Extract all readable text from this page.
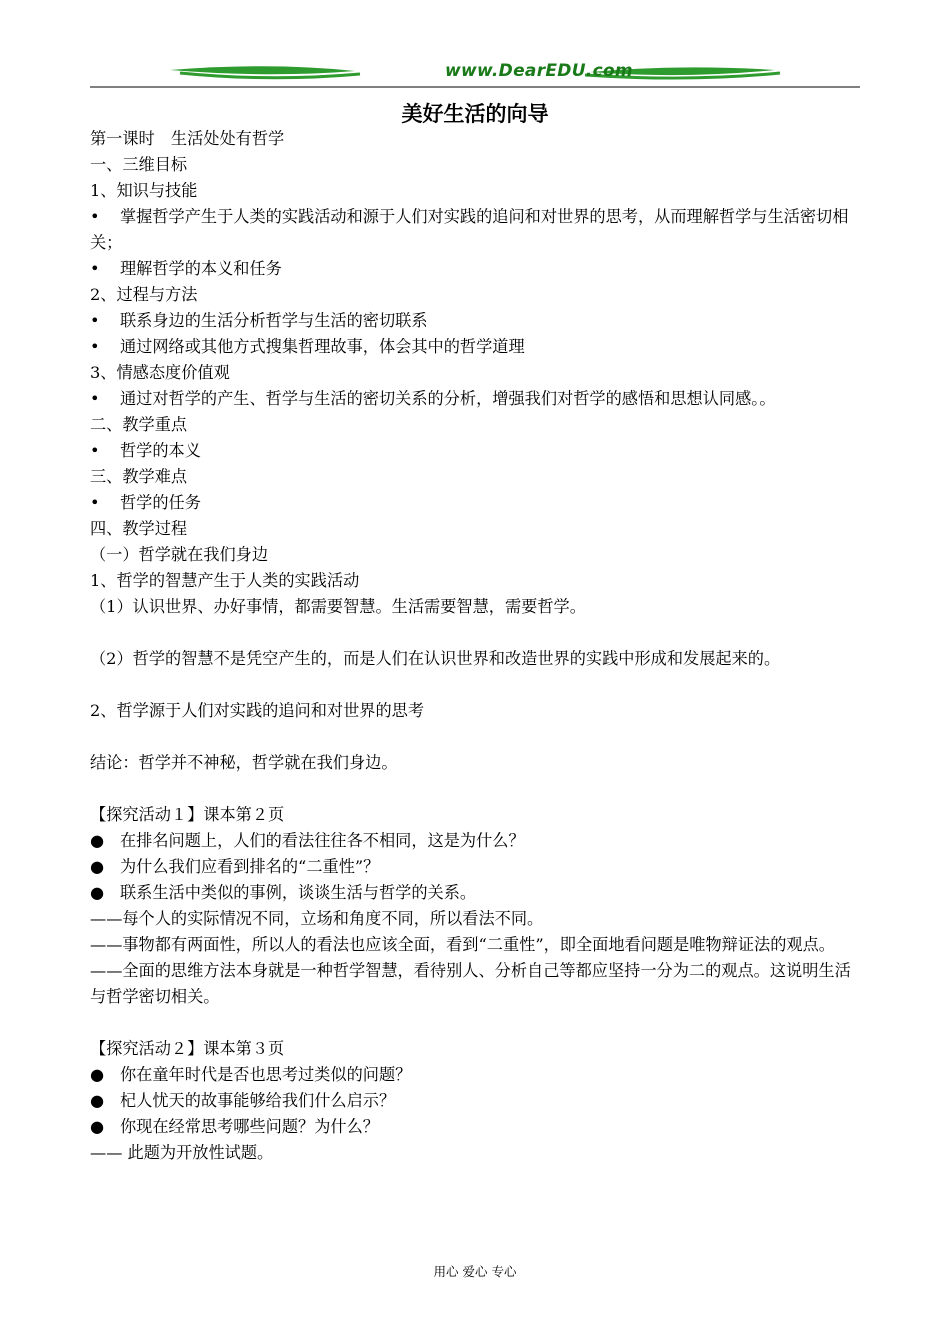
www.DearEDU.com
美好生活的向导
第一课时　生活处处有哲学
一、三维目标
1、知识与技能
• 掌握哲学产生于人类的实践活动和源于人们对实践的追问和对世界的思考，从而理解哲学与生活密切相关；
• 理解哲学的本义和任务
2、过程与方法
• 联系身边的生活分析哲学与生活的密切联系
• 通过网络或其他方式搜集哲理故事，体会其中的哲学道理
3、情感态度价值观
• 通过对哲学的产生、哲学与生活的密切关系的分析，增强我们对哲学的感悟和思想认同感。。
二、教学重点
• 哲学的本义
三、教学难点
• 哲学的任务
四、教学过程
（一）哲学就在我们身边
1、哲学的智慧产生于人类的实践活动
（1）认识世界、办好事情，都需要智慧。生活需要智慧，需要哲学。
（2）哲学的智慧不是凭空产生的，而是人们在认识世界和改造世界的实践中形成和发展起来的。
2、哲学源于人们对实践的追问和对世界的思考
结论：哲学并不神秘，哲学就在我们身边。
【探究活动１】课本第２页
● 在排名问题上，人们的看法往往各不相同，这是为什么？
● 为什么我们应看到排名的“二重性”？
● 联系生活中类似的事例，谈谈生活与哲学的关系。
——每个人的实际情况不同，立场和角度不同，所以看法不同。
——事物都有两面性，所以人的看法也应该全面，看到“二重性”，即全面地看问题是唯物辩证法的观点。
——全面的思维方法本身就是一种哲学智慧，看待别人、分析自己等都应坚持一分为二的观点。这说明生活与哲学密切相关。
【探究活动２】课本第３页
● 你在童年时代是否也思考过类似的问题？
● 杞人忧天的故事能够给我们什么启示？
● 你现在经常思考哪些问题？为什么？
—— 此题为开放性试题。
用心 爱心 专心
